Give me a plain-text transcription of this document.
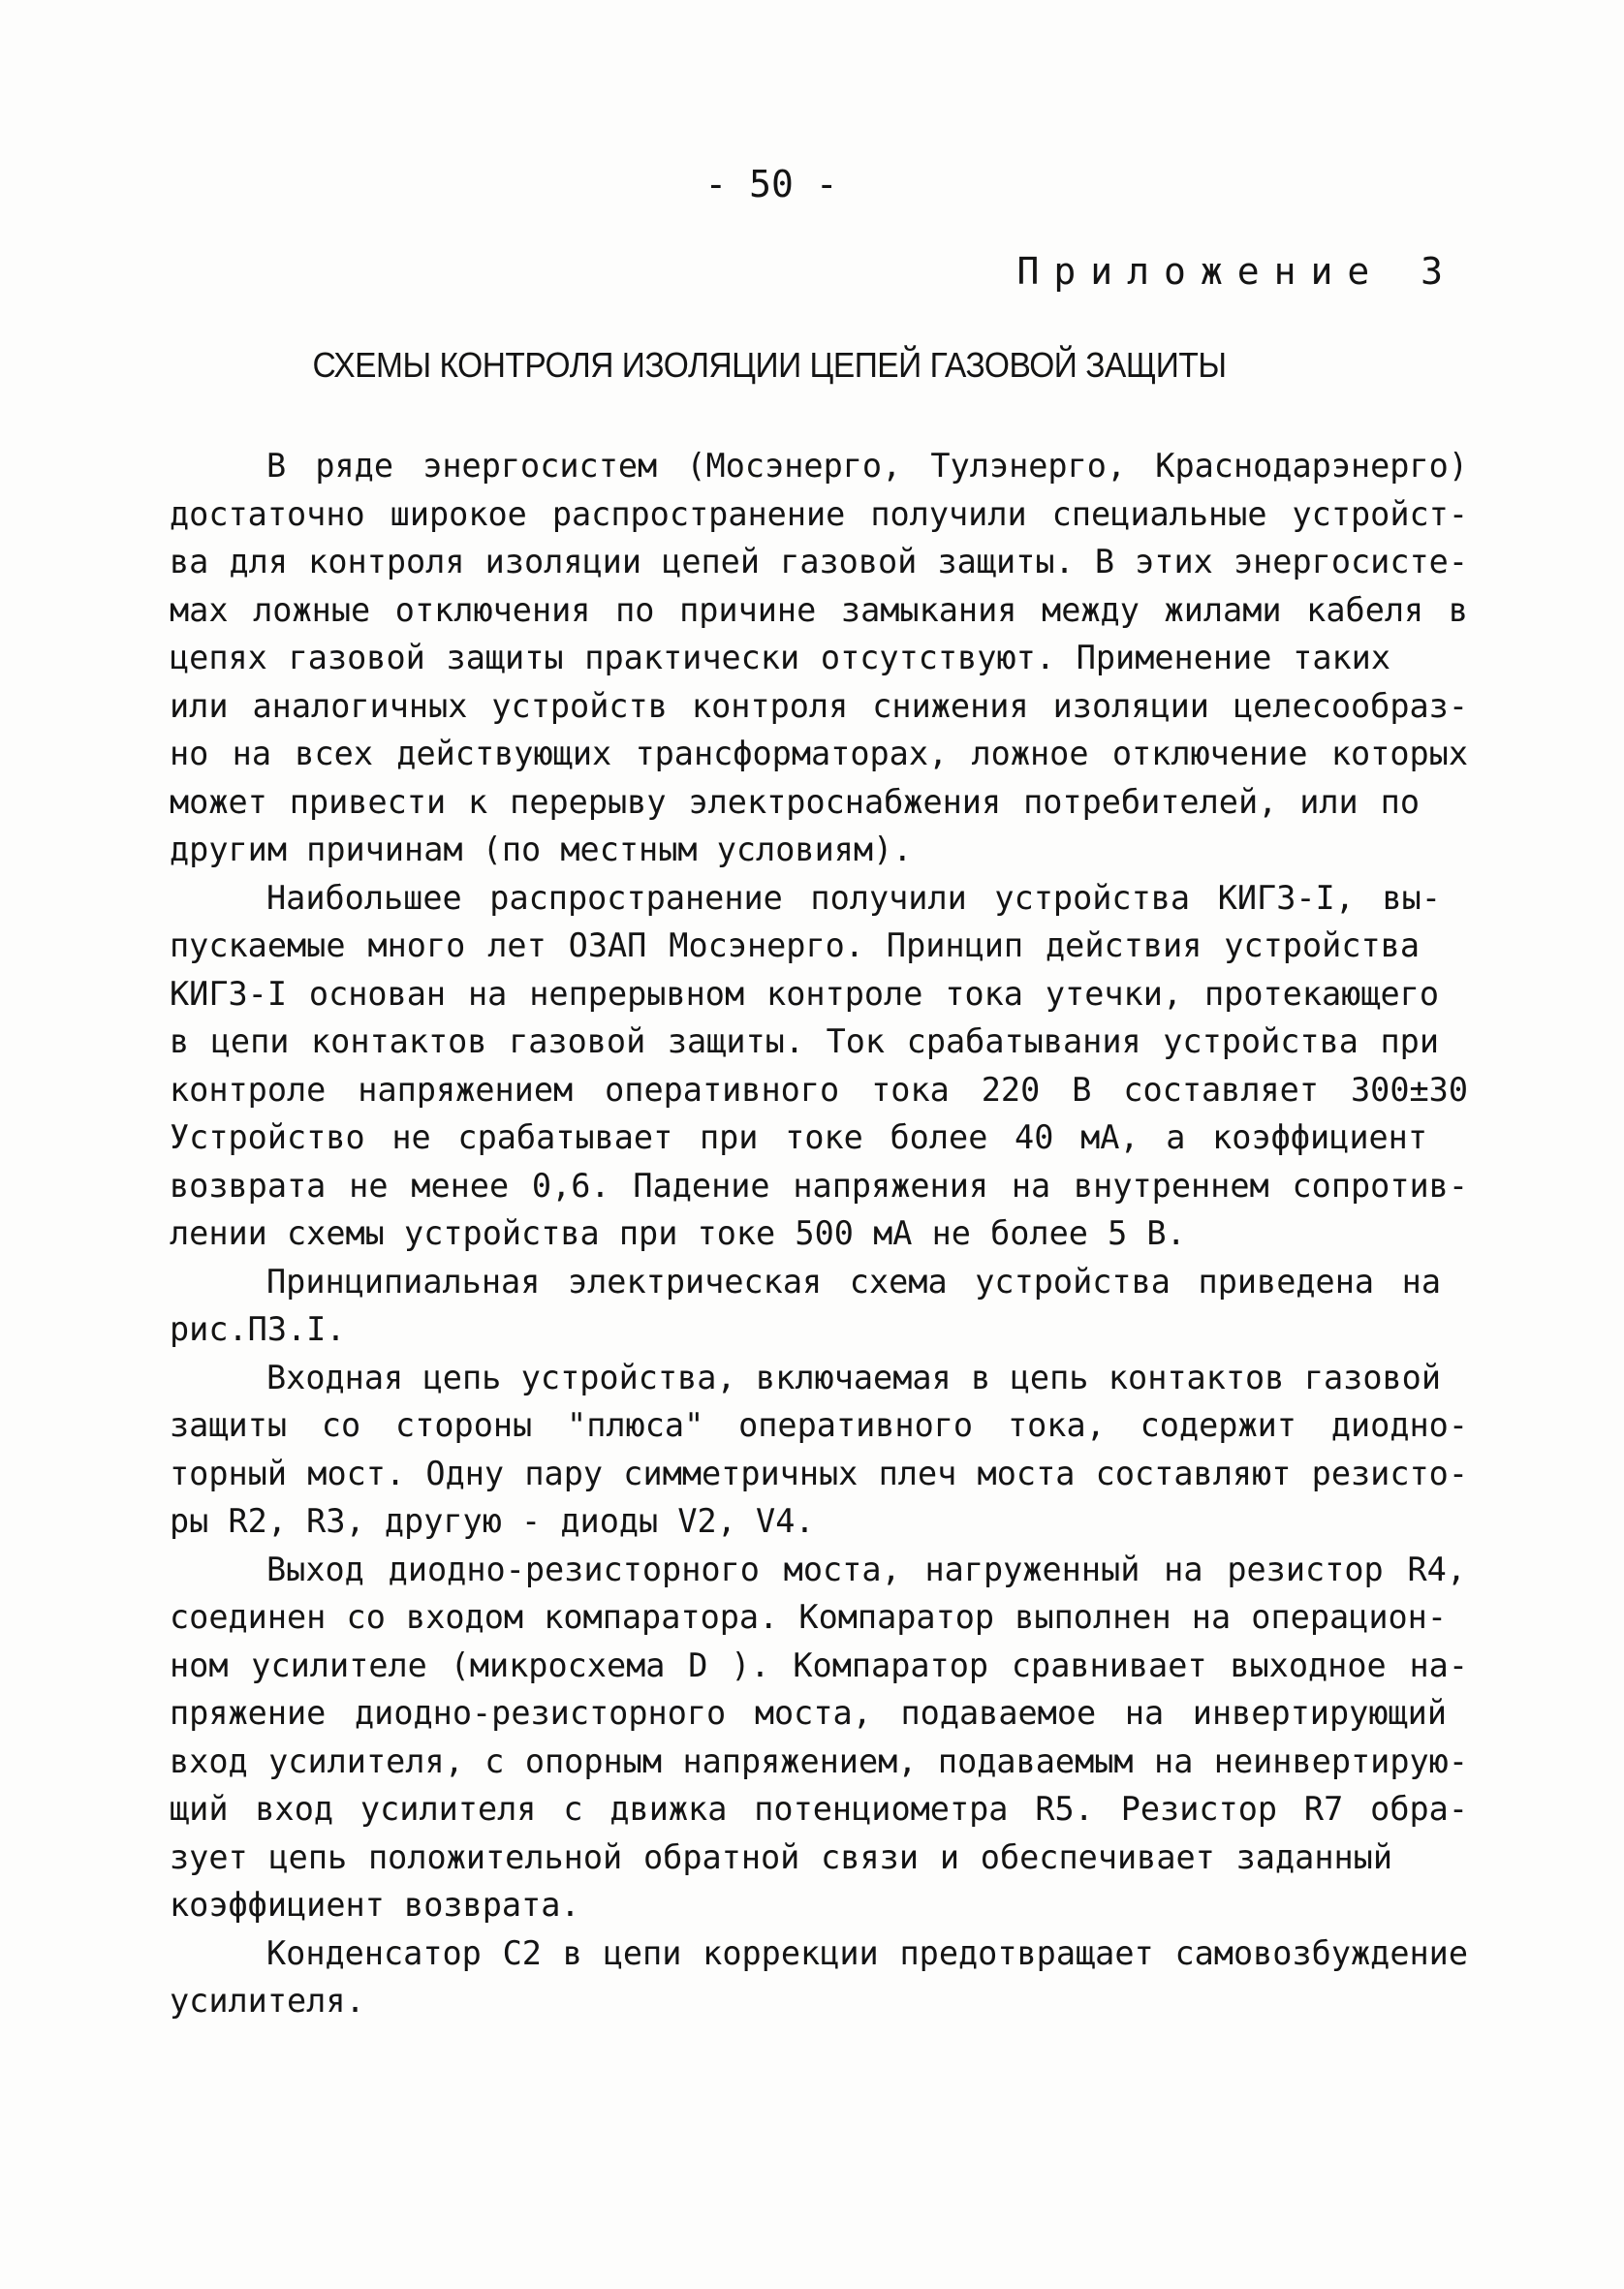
- 50 -
Приложение 3
СХЕМЫ КОНТРОЛЯ ИЗОЛЯЦИИ ЦЕПЕЙ ГАЗОВОЙ ЗАЩИТЫ
В ряде энергосистем (Мосэнерго, Тулэнерго, Краснодарэнерго)
достаточно широкое распространение получили специальные устройст-
ва для контроля изоляции цепей газовой защиты. В этих энергосисте-
мах ложные отключения по причине замыкания между жилами кабеля в
цепях газовой защиты практически отсутствуют. Применение таких
или аналогичных устройств контроля снижения изоляции целесообраз-
но на всех действующих трансформаторах, ложное отключение которых
может привести к перерыву электроснабжения потребителей, или по
другим причинам (по местным условиям).
Наибольшее распространение получили устройства КИГЗ-I, вы-
пускаемые много лет ОЗАП Мосэнерго. Принцип действия устройства
КИГЗ-I основан на непрерывном контроле тока утечки, протекающего
в цепи контактов газовой защиты. Ток срабатывания устройства при
контроле напряжением оперативного тока 220 В составляет 300±30
Устройство не срабатывает при токе более 40 мА, а коэффициент
возврата не менее 0,6. Падение напряжения на внутреннем сопротив-
лении схемы устройства при токе 500 мА не более 5 В.
Принципиальная электрическая схема устройства приведена на
рис.П3.I.
Входная цепь устройства, включаемая в цепь контактов газовой
защиты со стороны "плюса" оперативного тока, содержит диодно-
торный мост. Одну пару симметричных плеч моста составляют резисто-
ры R2, R3, другую - диоды V2, V4.
Выход диодно-резисторного моста, нагруженный на резистор R4,
соединен со входом компаратора. Компаратор выполнен на операцион-
ном усилителе (микросхема D ). Компаратор сравнивает выходное на-
пряжение диодно-резисторного моста, подаваемое на инвертирующий
вход усилителя, с опорным напряжением, подаваемым на неинвертирую-
щий вход усилителя с движка потенциометра R5. Резистор R7 обра-
зует цепь положительной обратной связи и обеспечивает заданный
коэффициент возврата.
Конденсатор С2 в цепи коррекции предотвращает самовозбуждение
усилителя.
